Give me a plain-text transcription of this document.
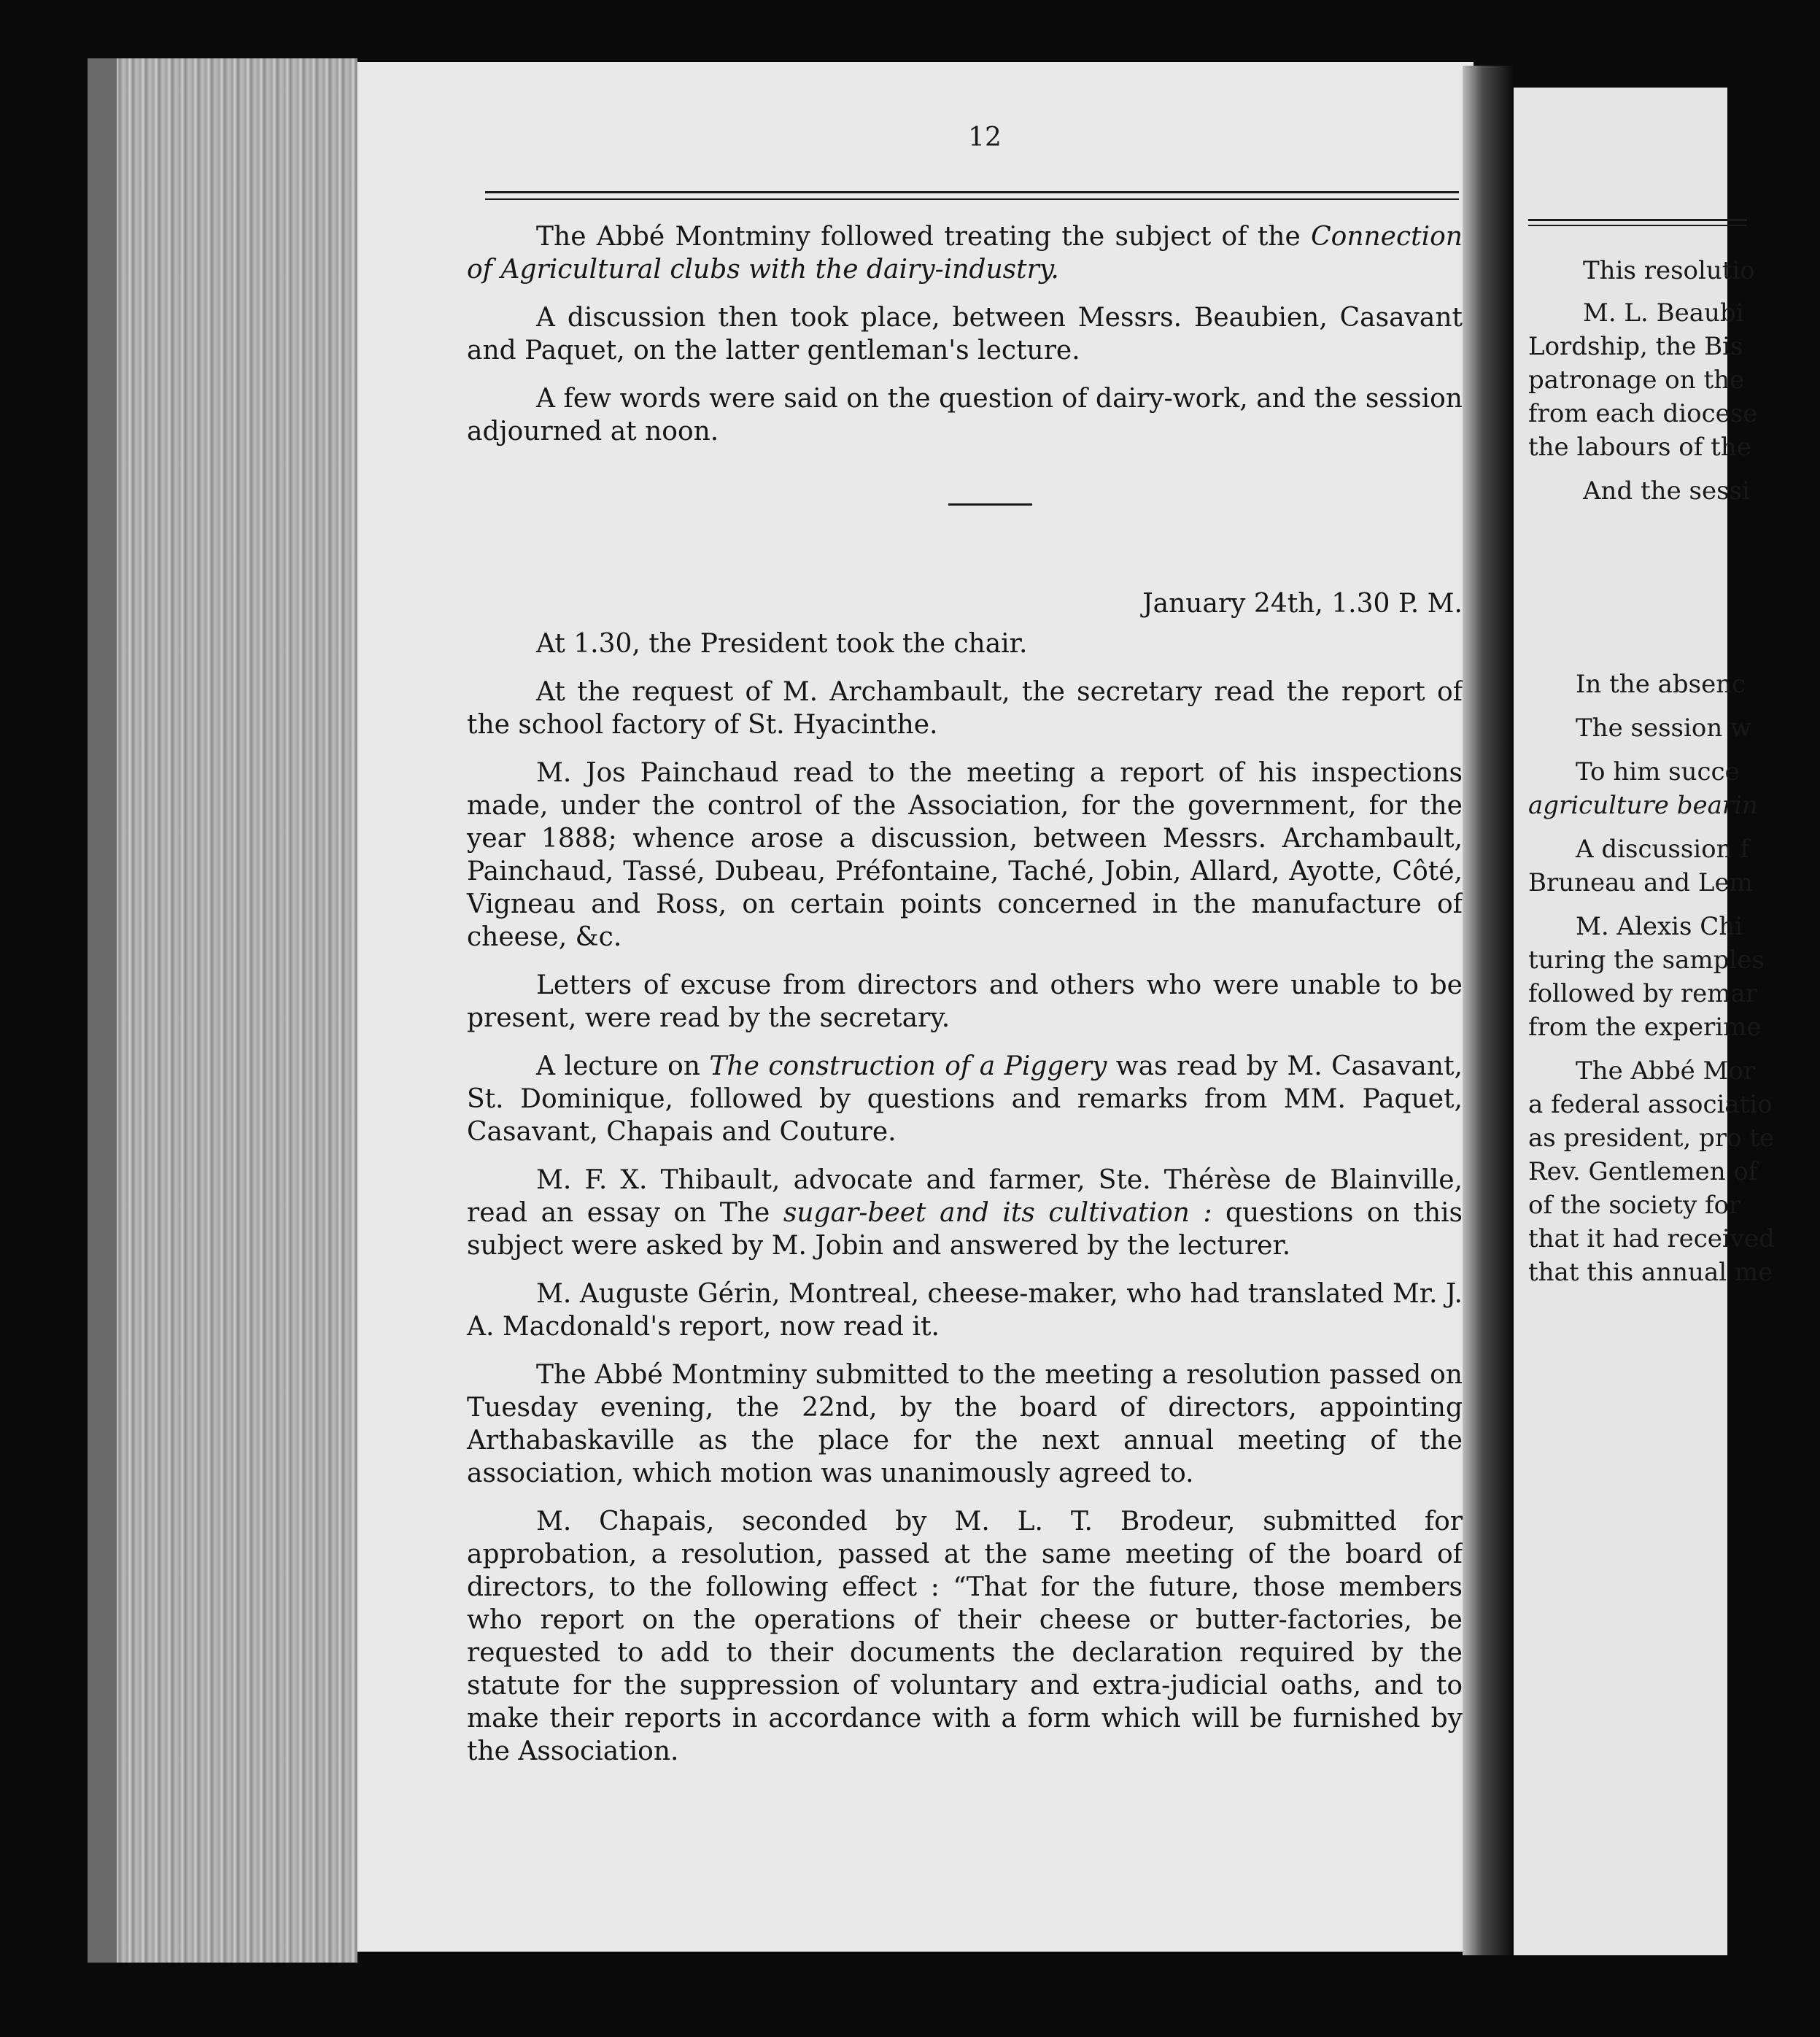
12

The Abbé Montminy followed treating the subject of the Connection of Agricultural clubs with the dairy-industry.

A discussion then took place, between Messrs. Beaubien, Casavant and Paquet, on the latter gentleman's lecture.

A few words were said on the question of dairy-work, and the session adjourned at noon.

January 24th, 1.30 P. M.

At 1.30, the President took the chair.

At the request of M. Archambault, the secretary read the report of the school factory of St. Hyacinthe.

M. Jos Painchaud read to the meeting a report of his inspections made, under the control of the Association, for the government, for the year 1888; whence arose a discussion, between Messrs. Archambault, Painchaud, Tassé, Dubeau, Préfontaine, Taché, Jobin, Allard, Ayotte, Côté, Vigneau and Ross, on certain points concerned in the manufacture of cheese, &c.

Letters of excuse from directors and others who were unable to be present, were read by the secretary.

A lecture on The construction of a Piggery was read by M. Casavant, St. Dominique, followed by questions and remarks from MM. Paquet, Casavant, Chapais and Couture.

M. F. X. Thibault, advocate and farmer, Ste. Thérèse de Blainville, read an essay on The sugar-beet and its cultivation : questions on this subject were asked by M. Jobin and answered by the lecturer.

M. Auguste Gérin, Montreal, cheese-maker, who had translated Mr. J. A. Macdonald's report, now read it.

The Abbé Montminy submitted to the meeting a resolution passed on Tuesday evening, the 22nd, by the board of directors, appointing Arthabaskaville as the place for the next annual meeting of the association, which motion was unanimously agreed to.

M. Chapais, seconded by M. L. T. Brodeur, submitted for approbation, a resolution, passed at the same meeting of the board of directors, to the following effect : “That for the future, those members who report on the operations of their cheese or butter-factories, be requested to add to their documents the declaration required by the statute for the suppression of voluntary and extra-judicial oaths, and to make their reports in accordance with a form which will be furnished by the Association.

This resolutio
M. L. Beaubi
Lordship, the Bis
patronage on the
from each diocese
the labours of the
And the sessi
In the absenc
The session w
To him succe
agriculture bearin
A discussion f
Bruneau and Lem
M. Alexis Chi
turing the samples
followed by remar
from the experime
The Abbé Mor
a federal associatio
as president, pro te
Rev. Gentlemen of
of the society for
that it had received
that this annual me
